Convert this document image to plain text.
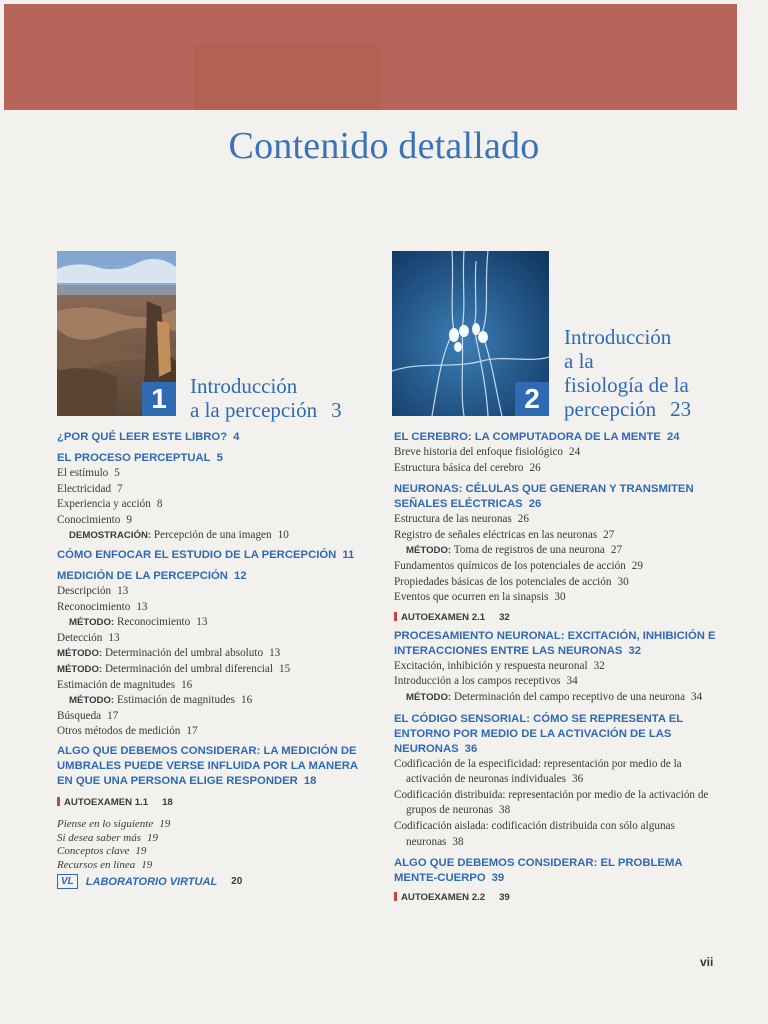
Contenido detallado
1	Introducción
a la percepción 3	2
Introducción
a la
fisiología de la
percepción 23
¿POR QUÉ LEER ESTE LIBRO? 4
EL PROCESO PERCEPTUAL 5
El estímulo 5
Electricidad 7
Experiencia y acción 8
Conocimiento 9
DEMOSTRACIÓN: Percepción de una imagen 10
CÓMO ENFOCAR EL ESTUDIO DE LA PERCEPCIÓN 11
MEDICIÓN DE LA PERCEPCIÓN 12
Descripción 13
Reconocimiento 13
MÉTODO: Reconocimiento 13
Detección 13
MÉTODO: Determinación del umbral absoluto 13
MÉTODO: Determinación del umbral diferencial 15
Estimación de magnitudes 16
MÉTODO: Estimación de magnitudes 16
Búsqueda 17
Otros métodos de medición 17
ALGO QUE DEBEMOS CONSIDERAR: LA MEDICIÓN DE UMBRALES PUEDE VERSE INFLUIDA POR LA MANERA EN QUE UNA PERSONA ELIGE RESPONDER 18
AUTOEXAMEN 1.1 18
Piense en lo siguiente 19
Si desea saber más 19
Conceptos clave 19
Recursos en línea 19
VL	LABORATORIO VIRTUAL 20
EL CEREBRO: LA COMPUTADORA DE LA MENTE 24
Breve historia del enfoque fisiológico 24
Estructura básica del cerebro 26
NEURONAS: CÉLULAS QUE GENERAN Y TRANSMITEN SEÑALES ELÉCTRICAS 26
Estructura de las neuronas 26
Registro de señales eléctricas en las neuronas 27
MÉTODO: Toma de registros de una neurona 27
Fundamentos químicos de los potenciales de acción 29
Propiedades básicas de los potenciales de acción 30
Eventos que ocurren en la sinapsis 30
AUTOEXAMEN 2.1 32
PROCESAMIENTO NEURONAL: EXCITACIÓN, INHIBICIÓN E INTERACCIONES ENTRE LAS NEURONAS 32
Excitación, inhibición y respuesta neuronal 32
Introducción a los campos receptivos 34
MÉTODO: Determinación del campo receptivo de una neurona 34
EL CÓDIGO SENSORIAL: CÓMO SE REPRESENTA EL ENTORNO POR MEDIO DE LA ACTIVACIÓN DE LAS NEURONAS 36
Codificación de la especificidad: representación por medio de la activación de neuronas individuales 36
Codificación distribuida: representación por medio de la activación de grupos de neuronas 38
Codificación aislada: codificación distribuida con sólo algunas neuronas 38
ALGO QUE DEBEMOS CONSIDERAR: EL PROBLEMA MENTE-CUERPO 39
AUTOEXAMEN 2.2 39
vii
